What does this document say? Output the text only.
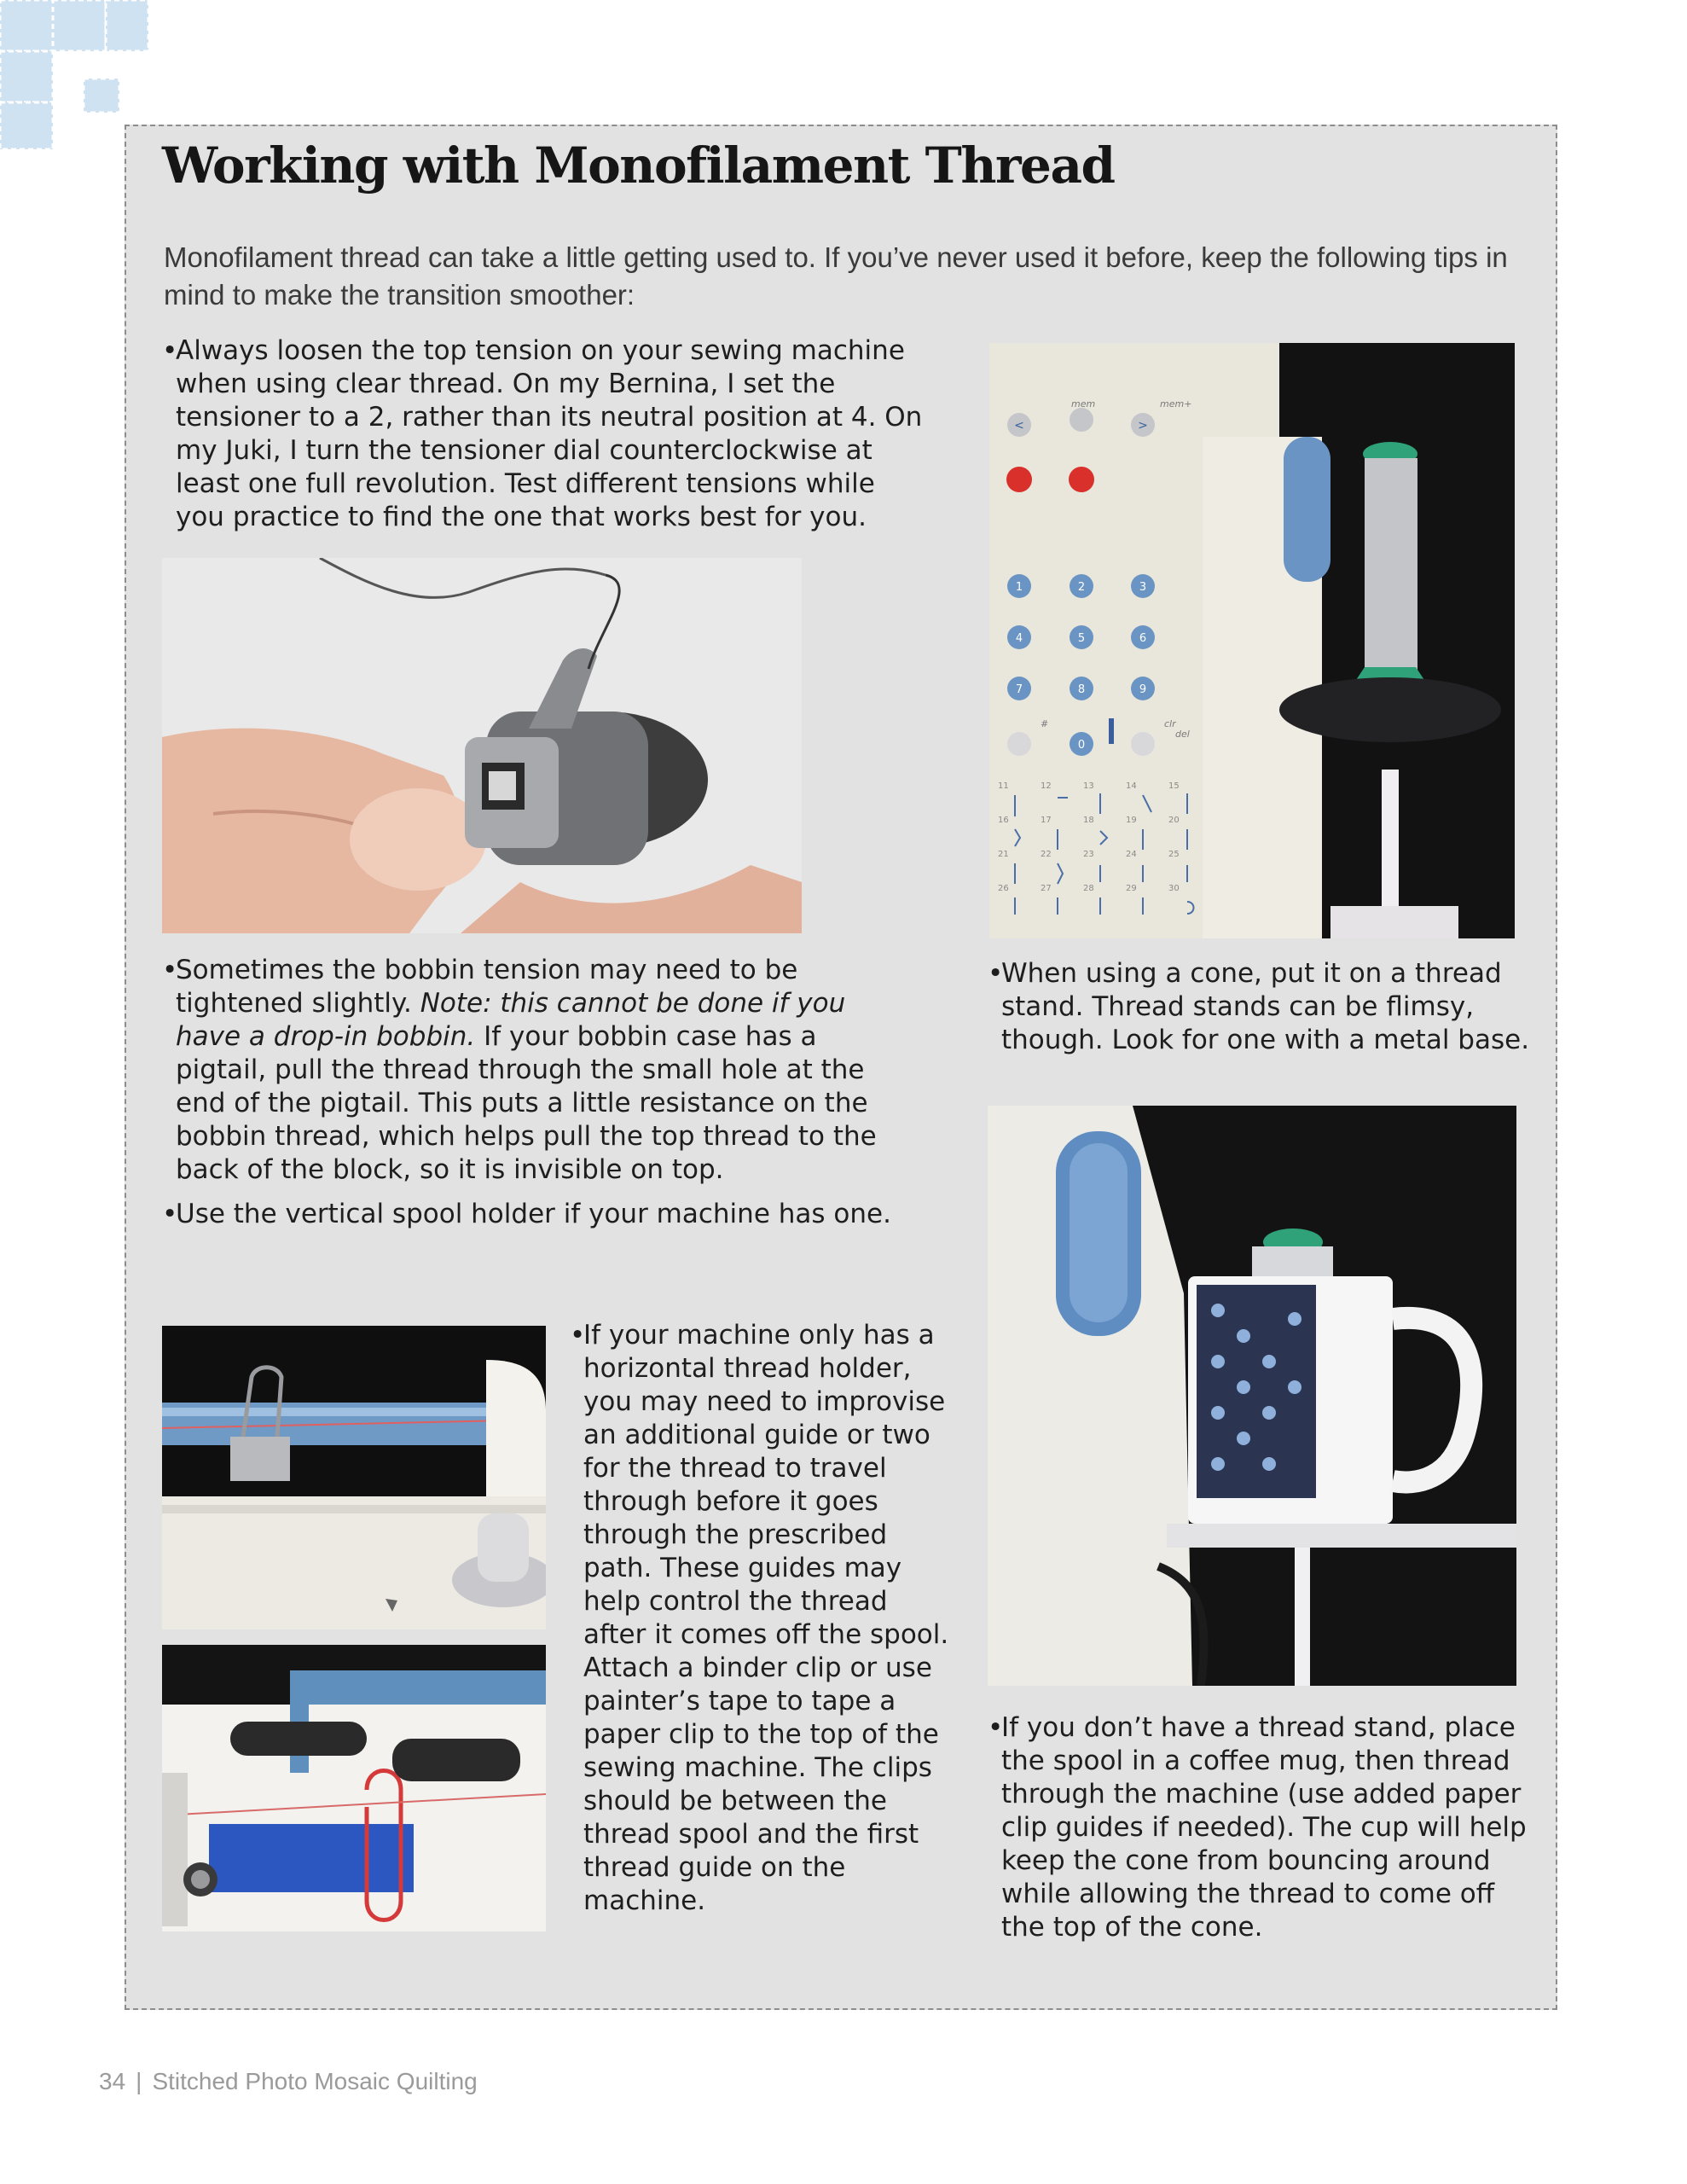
Working with Monofilament Thread

Monofilament thread can take a little getting used to. If you’ve never used it before, keep the following tips in mind to make the transition smoother:

•Always loosen the top tension on your sewing machine when using clear thread. On my Bernina, I set the tensioner to a 2, rather than its neutral position at 4. On my Juki, I turn the tensioner dial counterclockwise at least one full revolution. Test different tensions while you practice to find the one that works best for you.

•Sometimes the bobbin tension may need to be tightened slightly. Note: this cannot be done if you have a drop-in bobbin. If your bobbin case has a pigtail, pull the thread through the small hole at the end of the pigtail. This puts a little resistance on the bobbin thread, which helps pull the top thread to the back of the block, so it is invisible on top.

•Use the vertical spool holder if your machine has one.

•If your machine only has a horizontal thread holder, you may need to improvise an additional guide or two for the thread to travel through before it goes through the prescribed path. These guides may help control the thread after it comes off the spool. Attach a binder clip or use painter’s tape to tape a paper clip to the top of the sewing machine. The clips should be between the thread spool and the first thread guide on the machine.

1	2	3
4	5	6
7	8	9
0
<	>
mem	mem+
#	clr
del
11	12	13	14	15
16	17	18	19	20
21	22	23	24	25
26	27	28	29	30

•When using a cone, put it on a thread stand. Thread stands can be flimsy, though. Look for one with a metal base.

•If you don’t have a thread stand, place the spool in a coffee mug, then thread through the machine (use added paper clip guides if needed). The cup will help keep the cone from bouncing around while allowing the thread to come off the top of the cone.

34 | Stitched Photo Mosaic Quilting
